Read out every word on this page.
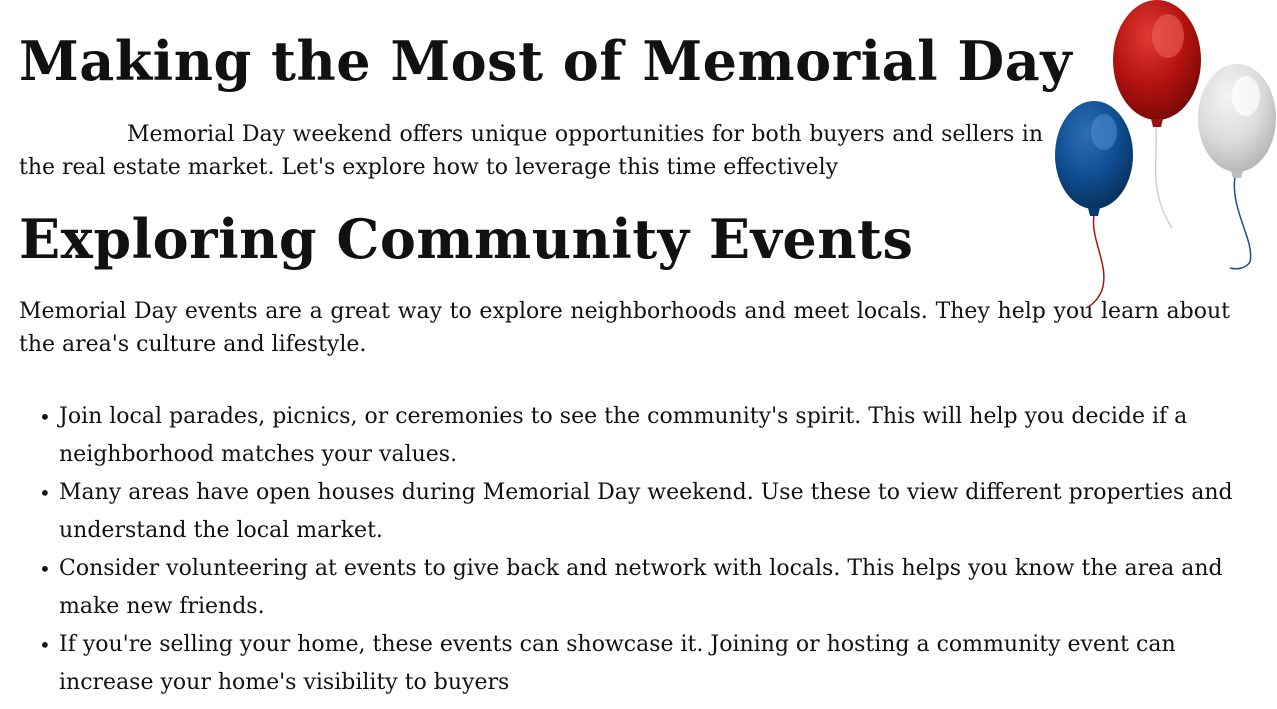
Making the Most of Memorial Day

Memorial Day weekend offers unique opportunities for both buyers and sellers in the real estate market. Let's explore how to leverage this time effectively

Exploring Community Events

Memorial Day events are a great way to explore neighborhoods and meet locals. They help you learn about the area's culture and lifestyle.

• Join local parades, picnics, or ceremonies to see the community's spirit. This will help you decide if a neighborhood matches your values.
• Many areas have open houses during Memorial Day weekend. Use these to view different properties and understand the local market.
• Consider volunteering at events to give back and network with locals. This helps you know the area and make new friends.
• If you're selling your home, these events can showcase it. Joining or hosting a community event can increase your home's visibility to buyers
